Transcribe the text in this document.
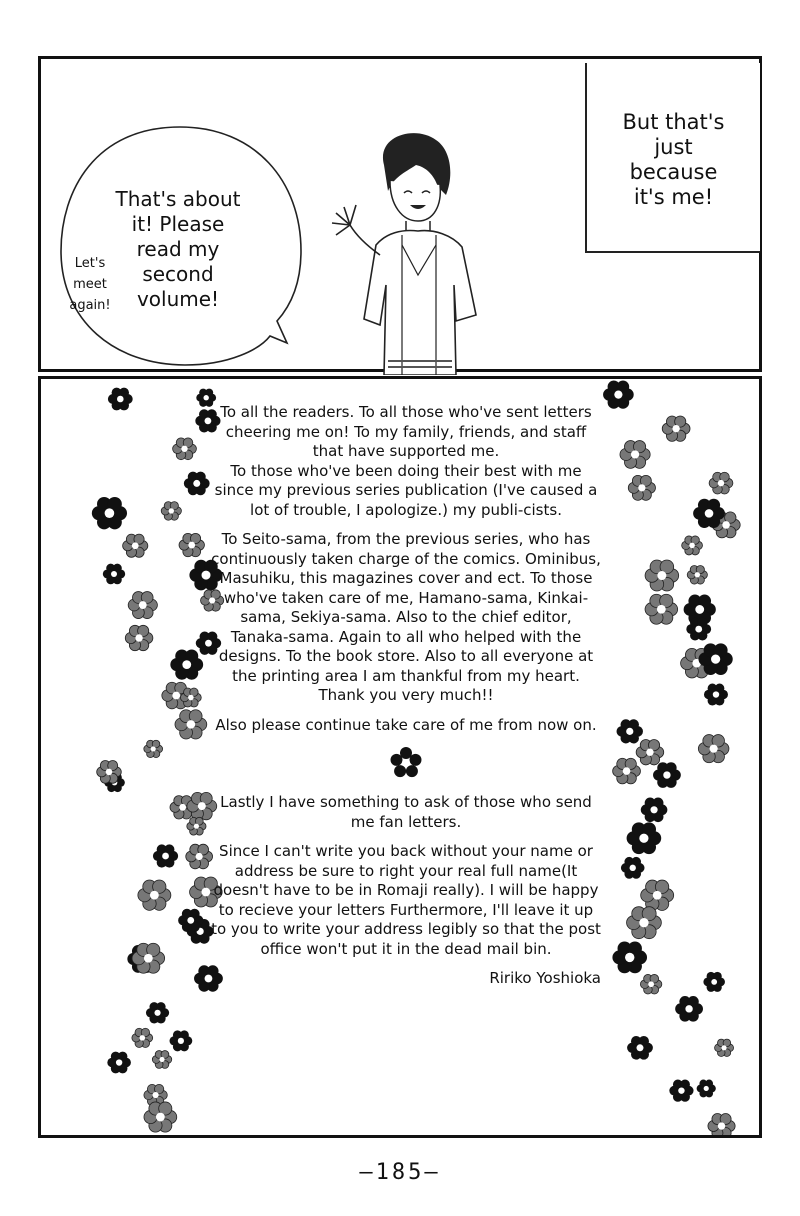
That's about
it! Please
read my
second
volume!
Let's
meet
again!
But that's
just
because
it's me!

To all the readers. To all those who've sent letters cheering me on! To my family, friends, and staff that have supported me.
To those who've been doing their best with me since my previous series publication (I've caused a lot of trouble, I apologize.) my publi-cists.

To Seito-sama, from the previous series, who has continuously taken charge of the comics. Ominibus, Masuhiku, this magazines cover and ect. To those who've taken care of me, Hamano-sama, Kinkai-sama, Sekiya-sama. Also to the chief editor, Tanaka-sama. Again to all who helped with the designs. To the book store. Also to all everyone at the printing area I am thankful from my heart.
Thank you very much!!

Also please continue take care of me from now on.

Lastly I have something to ask of those who send me fan letters.

Since I can't write you back without your name or address be sure to right your real full name(It doesn't have to be in Romaji really). I will be happy to recieve your letters Furthermore, I'll leave it up to you to write your address legibly so that the post office won't put it in the dead mail bin.

Ririko Yoshioka

—185—
